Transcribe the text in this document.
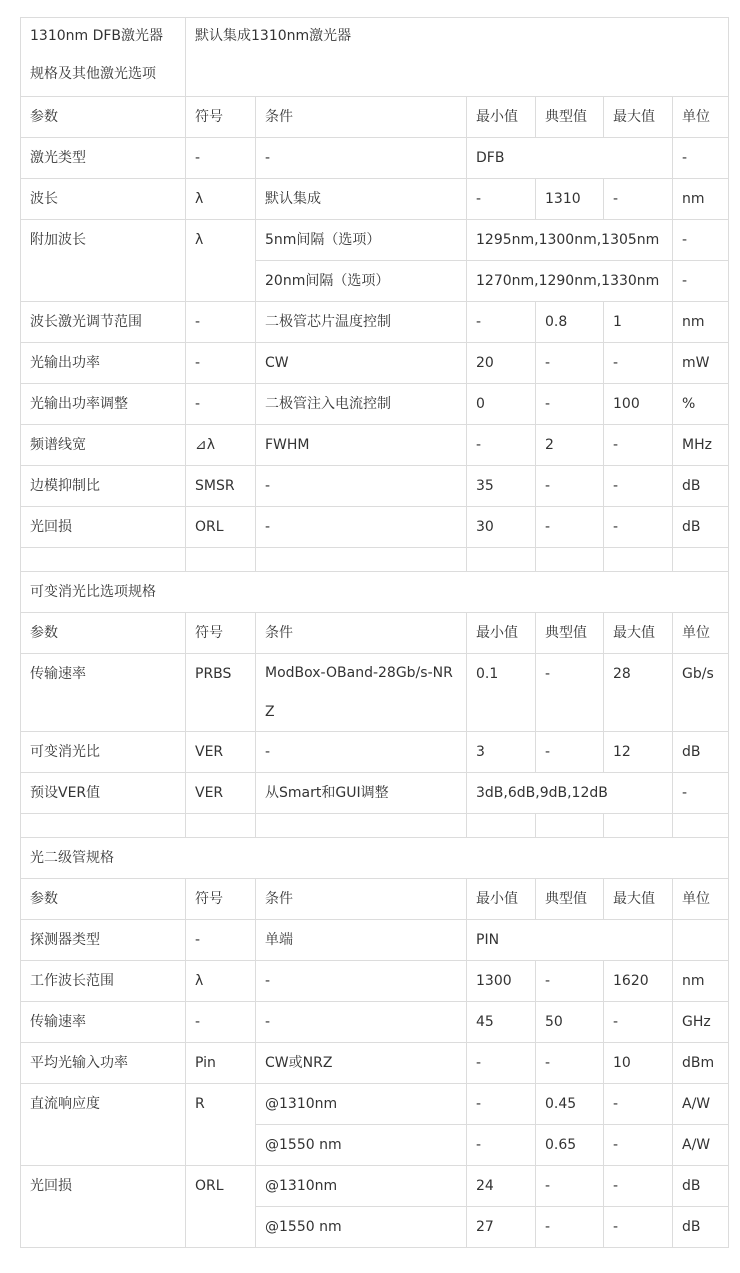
1310nm DFB激光器
规格及其他激光选项	默认集成1310nm激光器					
参数	符号	条件	最小值	典型值	最大值	单位
激光类型	-	-	DFB			-
波长	λ	默认集成	-	1310	-	nm
附加波长	λ	5nm间隔（选项）	1295nm,1300nm,1305nm			-
		20nm间隔（选项）	1270nm,1290nm,1330nm			-
波长激光调节范围	-	二极管芯片温度控制	-	0.8	1	nm
光输出功率	-	CW	20	-	-	mW
光输出功率调整	-	二极管注入电流控制	0	-	100	%
频谱线宽	⊿λ	FWHM	-	2	-	MHz
边模抑制比	SMSR	-	35	-	-	dB
光回损	ORL	-	30	-	-	dB

可变消光比选项规格						
参数	符号	条件	最小值	典型值	最大值	单位
传输速率	PRBS	ModBox-OBand-28Gb/s-NRZ	0.1	-	28	Gb/s
可变消光比	VER	-	3	-	12	dB
预设VER值	VER	从Smart和GUI调整	3dB,6dB,9dB,12dB			-

光二级管规格						
参数	符号	条件	最小值	典型值	最大值	单位
探测器类型	-	单端	PIN			
工作波长范围	λ	-	1300	-	1620	nm
传输速率	-	-	45	50	-	GHz
平均光输入功率	Pin	CW或NRZ	-	-	10	dBm
直流响应度	R	@1310nm	-	0.45	-	A/W
		@1550 nm	-	0.65	-	A/W
光回损	ORL	@1310nm	24	-	-	dB
		@1550 nm	27	-	-	dB
